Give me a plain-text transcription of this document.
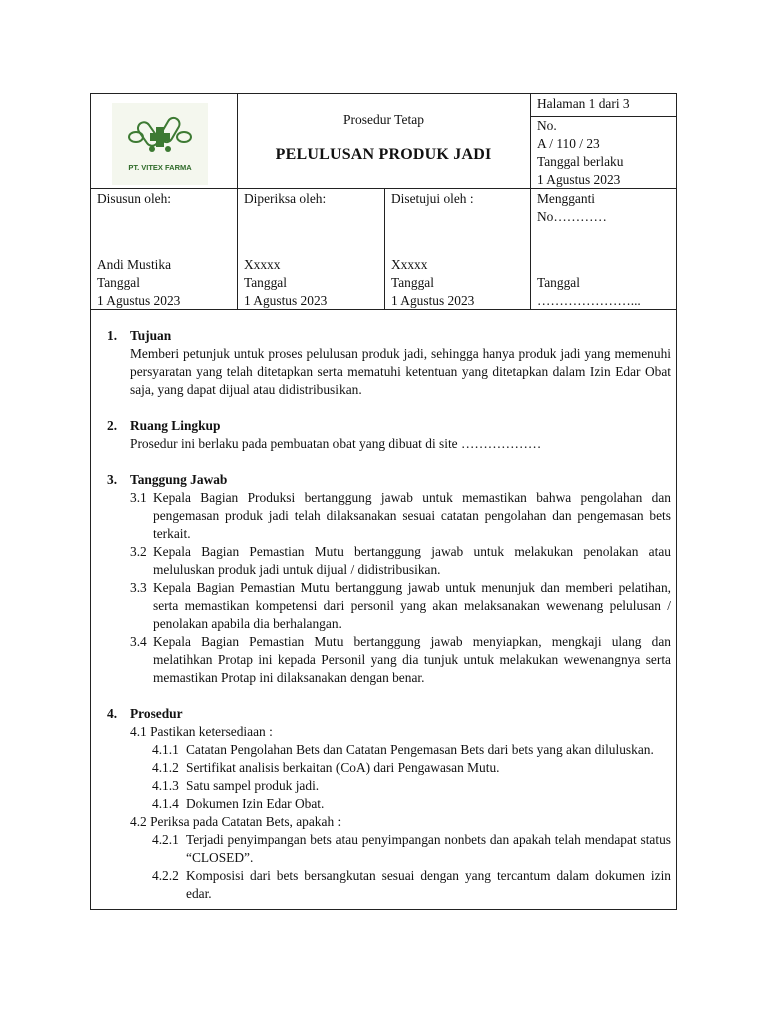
PT. VITEX FARMA
Prosedur Tetap
PELULUSAN PRODUK JADI
Halaman 1 dari 3
No.
A / 110 / 23
Tanggal berlaku
1 Agustus 2023
Disusun oleh:
Andi Mustika
Tanggal
1 Agustus 2023
Diperiksa oleh:
Xxxxx
Tanggal
1 Agustus 2023
Disetujui oleh :
Xxxxx
Tanggal
1 Agustus 2023
Mengganti
No…………
Tanggal
…………………...
1. Tujuan
Memberi petunjuk untuk proses pelulusan produk jadi, sehingga hanya produk jadi yang memenuhi persyaratan yang telah ditetapkan serta mematuhi ketentuan yang ditetapkan dalam Izin Edar Obat saja, yang dapat dijual atau didistribusikan.
2. Ruang Lingkup
Prosedur ini berlaku pada pembuatan obat yang dibuat di site ………………
3. Tanggung Jawab
3.1 Kepala Bagian Produksi bertanggung jawab untuk memastikan bahwa pengolahan dan pengemasan produk jadi telah dilaksanakan sesuai catatan pengolahan dan pengemasan bets terkait.
3.2 Kepala Bagian Pemastian Mutu bertanggung jawab untuk melakukan penolakan atau meluluskan produk jadi untuk dijual / didistribusikan.
3.3 Kepala Bagian Pemastian Mutu bertanggung jawab untuk menunjuk dan memberi pelatihan, serta memastikan kompetensi dari personil yang akan melaksanakan wewenang pelulusan / penolakan apabila dia berhalangan.
3.4 Kepala Bagian Pemastian Mutu bertanggung jawab menyiapkan, mengkaji ulang dan melatihkan Protap ini kepada Personil yang dia tunjuk untuk melakukan wewenangnya serta memastikan Protap ini dilaksanakan dengan benar.
4. Prosedur
4.1 Pastikan ketersediaan :
4.1.1 Catatan Pengolahan Bets dan Catatan Pengemasan Bets dari bets yang akan diluluskan.
4.1.2 Sertifikat analisis berkaitan (CoA) dari Pengawasan Mutu.
4.1.3 Satu sampel produk jadi.
4.1.4 Dokumen Izin Edar Obat.
4.2 Periksa pada Catatan Bets, apakah :
4.2.1 Terjadi penyimpangan bets atau penyimpangan nonbets dan apakah telah mendapat status “CLOSED”.
4.2.2 Komposisi dari bets bersangkutan sesuai dengan yang tercantum dalam dokumen izin edar.
